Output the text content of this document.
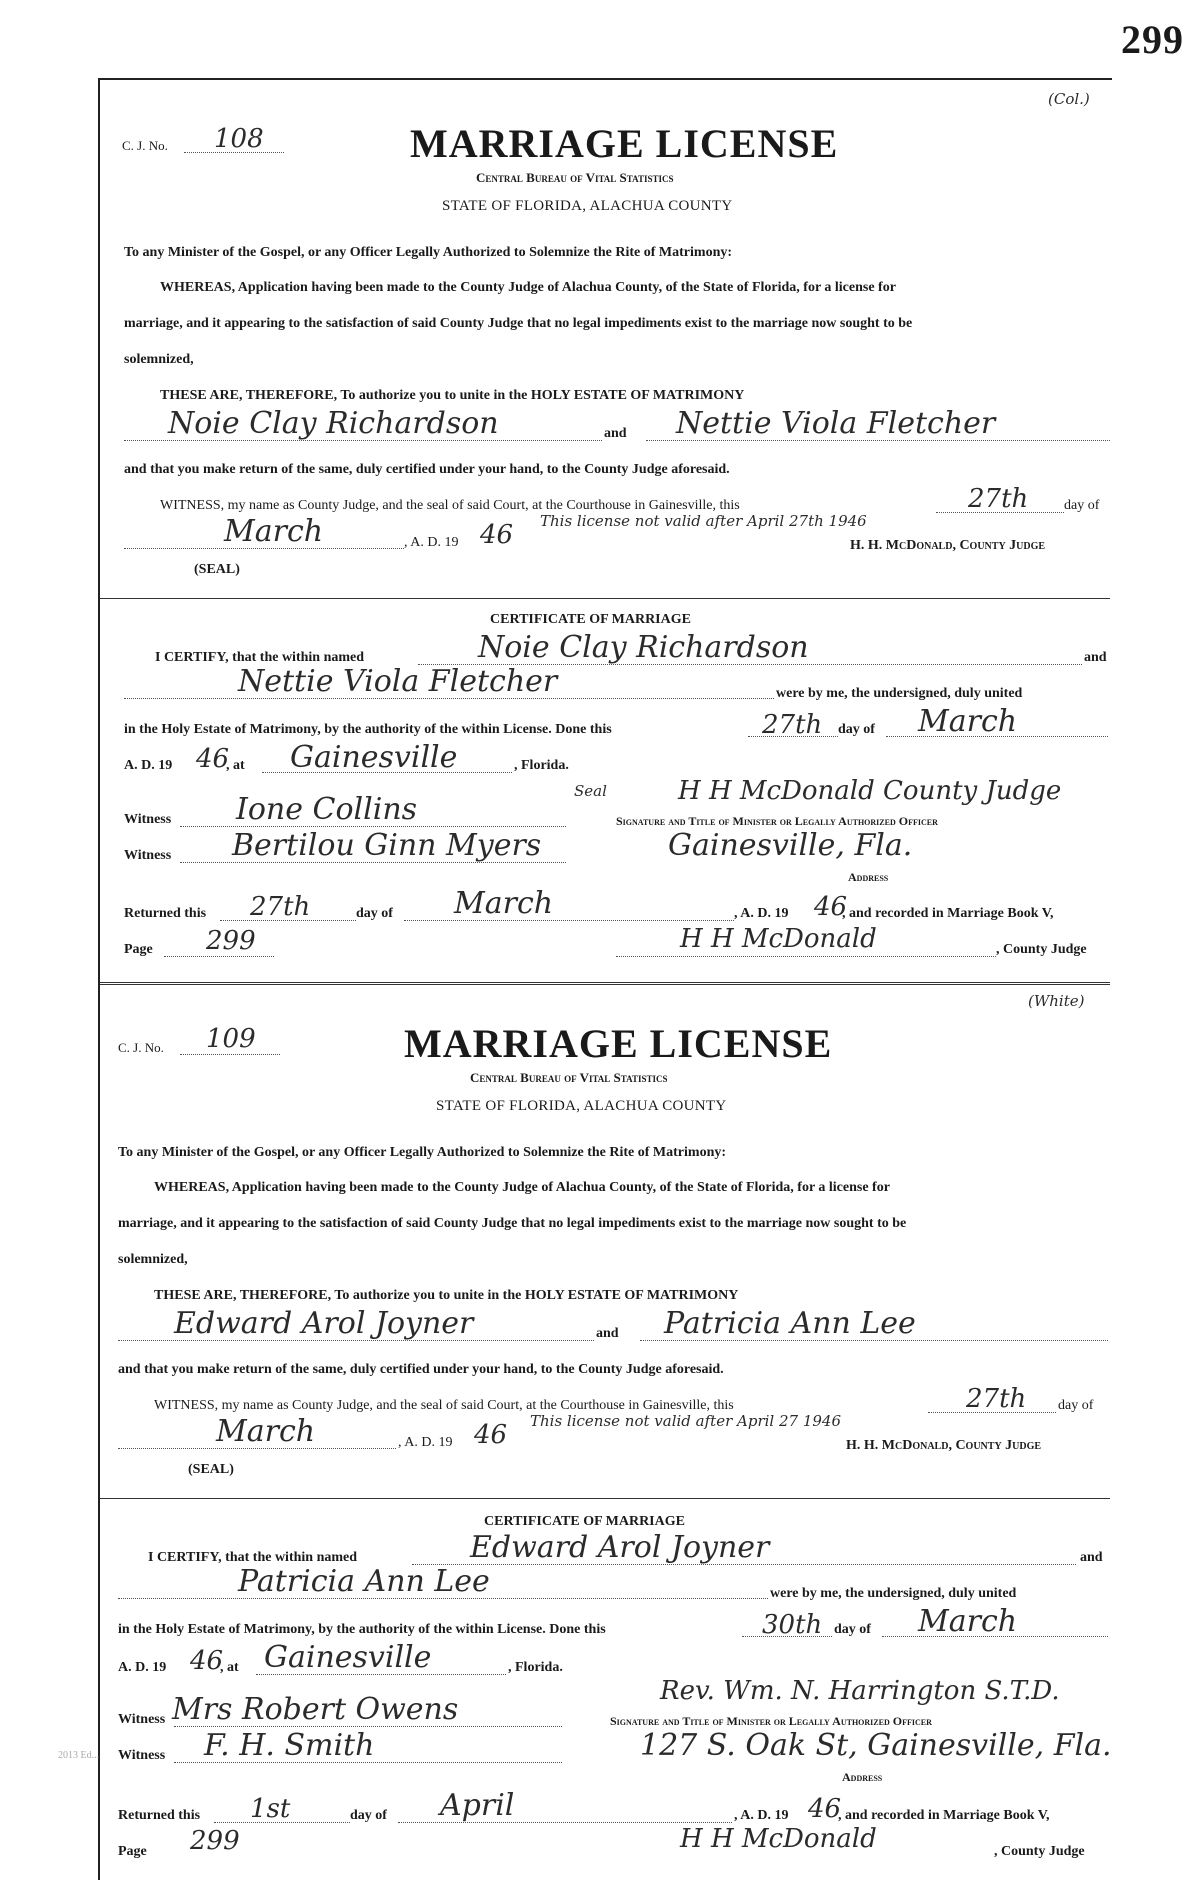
299
(Col.)
C. J. No. 108	MARRIAGE LICENSE
Central Bureau of Vital Statistics
STATE OF FLORIDA, ALACHUA COUNTY
To any Minister of the Gospel, or any Officer Legally Authorized to Solemnize the Rite of Matrimony:
WHEREAS, Application having been made to the County Judge of Alachua County, of the State of Florida, for a license for
marriage, and it appearing to the satisfaction of said County Judge that no legal impediments exist to the marriage now sought to be
solemnized,
THESE ARE, THEREFORE, To authorize you to unite in the HOLY ESTATE OF MATRIMONY
Noie Clay Richardson	and Nettie Viola Fletcher
and that you make return of the same, duly certified under your hand, to the County Judge aforesaid.
WITNESS, my name as County Judge, and the seal of said Court, at the Courthouse in Gainesville, this	27th	day of
March	, A. D. 19 46 This license not valid after April 27th 1946
H. H. McDonald, County Judge
(SEAL)
CERTIFICATE OF MARRIAGE
I CERTIFY, that the within named	Noie Clay Richardson	and
Nettie Viola Fletcher	were by me, the undersigned, duly united
in the Holy Estate of Matrimony, by the authority of the within License. Done this	27th day of March
A. D. 19 46
, at Gainesville	, Florida.
Seal	H H McDonald County Judge
Witness Ione Collins	Signature and Title of Minister or Legally Authorized Officer
Witness Bertilou Ginn Myers	Gainesville, Fla.
Address
Returned this 27th	day of March	, A. D. 19 46
, and recorded in Marriage Book V,
Page 299	H H McDonald	, County Judge
(White)
C. J. No. 109	MARRIAGE LICENSE
Central Bureau of Vital Statistics
STATE OF FLORIDA, ALACHUA COUNTY
To any Minister of the Gospel, or any Officer Legally Authorized to Solemnize the Rite of Matrimony:
WHEREAS, Application having been made to the County Judge of Alachua County, of the State of Florida, for a license for
marriage, and it appearing to the satisfaction of said County Judge that no legal impediments exist to the marriage now sought to be
solemnized,
THESE ARE, THEREFORE, To authorize you to unite in the HOLY ESTATE OF MATRIMONY
Edward Arol Joyner	and Patricia Ann Lee
and that you make return of the same, duly certified under your hand, to the County Judge aforesaid.
WITNESS, my name as County Judge, and the seal of said Court, at the Courthouse in Gainesville, this	27th day of
March	, A. D. 19 46 This license not valid after April 27 1946
H. H. McDonald, County Judge
(SEAL)
CERTIFICATE OF MARRIAGE
I CERTIFY, that the within named	Edward Arol Joyner	and
Patricia Ann Lee	were by me, the undersigned, duly united
in the Holy Estate of Matrimony, by the authority of the within License. Done this	30th day of March
A. D. 19 46
, at Gainesville	, Florida.
Rev. Wm. N. Harrington S.T.D.
Witness Mrs Robert Owens	Signature and Title of Minister or Legally Authorized Officer
2013 Ed... Witness F. H. Smith	127 S. Oak St, Gainesville, Fla.
Address
Returned this 1st	day of April	, A. D. 19 46
, and recorded in Marriage Book V,
Page 299	H H McDonald	, County Judge
